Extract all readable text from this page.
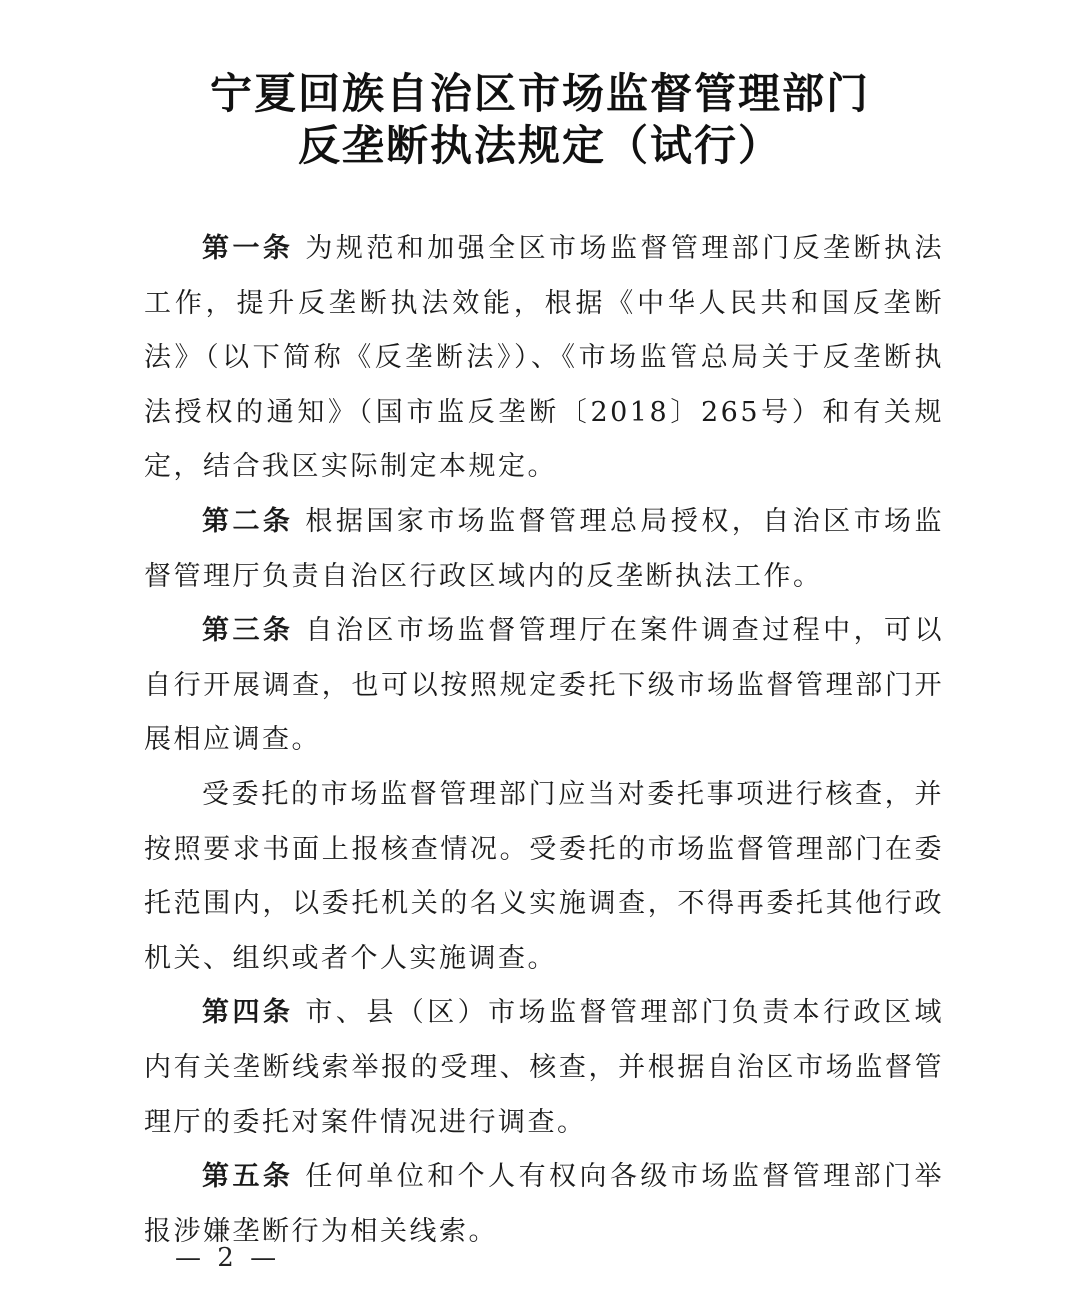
宁夏回族自治区市场监督管理部门
反垄断执法规定（试行）

第一条 为规范和加强全区市场监督管理部门反垄断执法工作，提升反垄断执法效能，根据《中华人民共和国反垄断法》（以下简称《反垄断法》）、《市场监管总局关于反垄断执法授权的通知》（国市监反垄断〔2018〕265号）和有关规定，结合我区实际制定本规定。

第二条 根据国家市场监督管理总局授权，自治区市场监督管理厅负责自治区行政区域内的反垄断执法工作。

第三条 自治区市场监督管理厅在案件调查过程中，可以自行开展调查，也可以按照规定委托下级市场监督管理部门开展相应调查。

受委托的市场监督管理部门应当对委托事项进行核查，并按照要求书面上报核查情况。受委托的市场监督管理部门在委托范围内，以委托机关的名义实施调查，不得再委托其他行政机关、组织或者个人实施调查。

第四条 市、县（区）市场监督管理部门负责本行政区域内有关垄断线索举报的受理、核查，并根据自治区市场监督管理厅的委托对案件情况进行调查。

第五条 任何单位和个人有权向各级市场监督管理部门举报涉嫌垄断行为相关线索。

— 2 —
